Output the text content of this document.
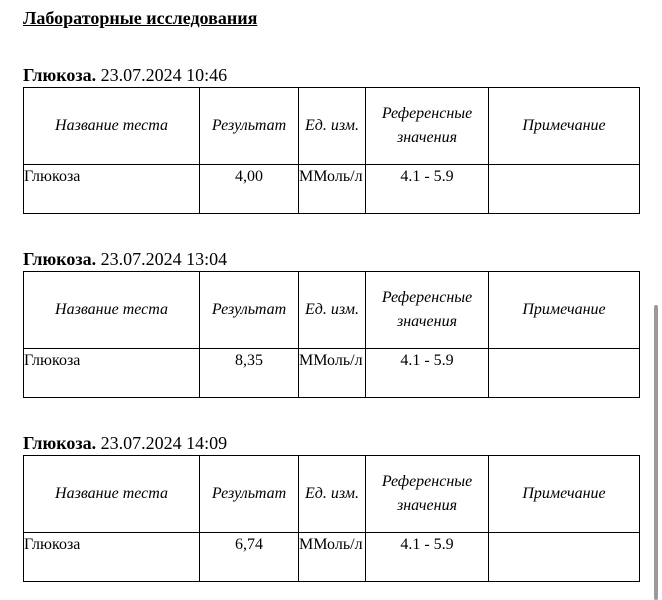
Лабораторные исследования
Глюкоза. 23.07.2024 10:46
Название теста	Результат	Ед. изм.	Референсные значения	Примечание
Глюкоза	4,00	ММоль/л	4.1 - 5.9	
Глюкоза. 23.07.2024 13:04
Название теста	Результат	Ед. изм.	Референсные значения	Примечание
Глюкоза	8,35	ММоль/л	4.1 - 5.9	
Глюкоза. 23.07.2024 14:09
Название теста	Результат	Ед. изм.	Референсные значения	Примечание
Глюкоза	6,74	ММоль/л	4.1 - 5.9	
